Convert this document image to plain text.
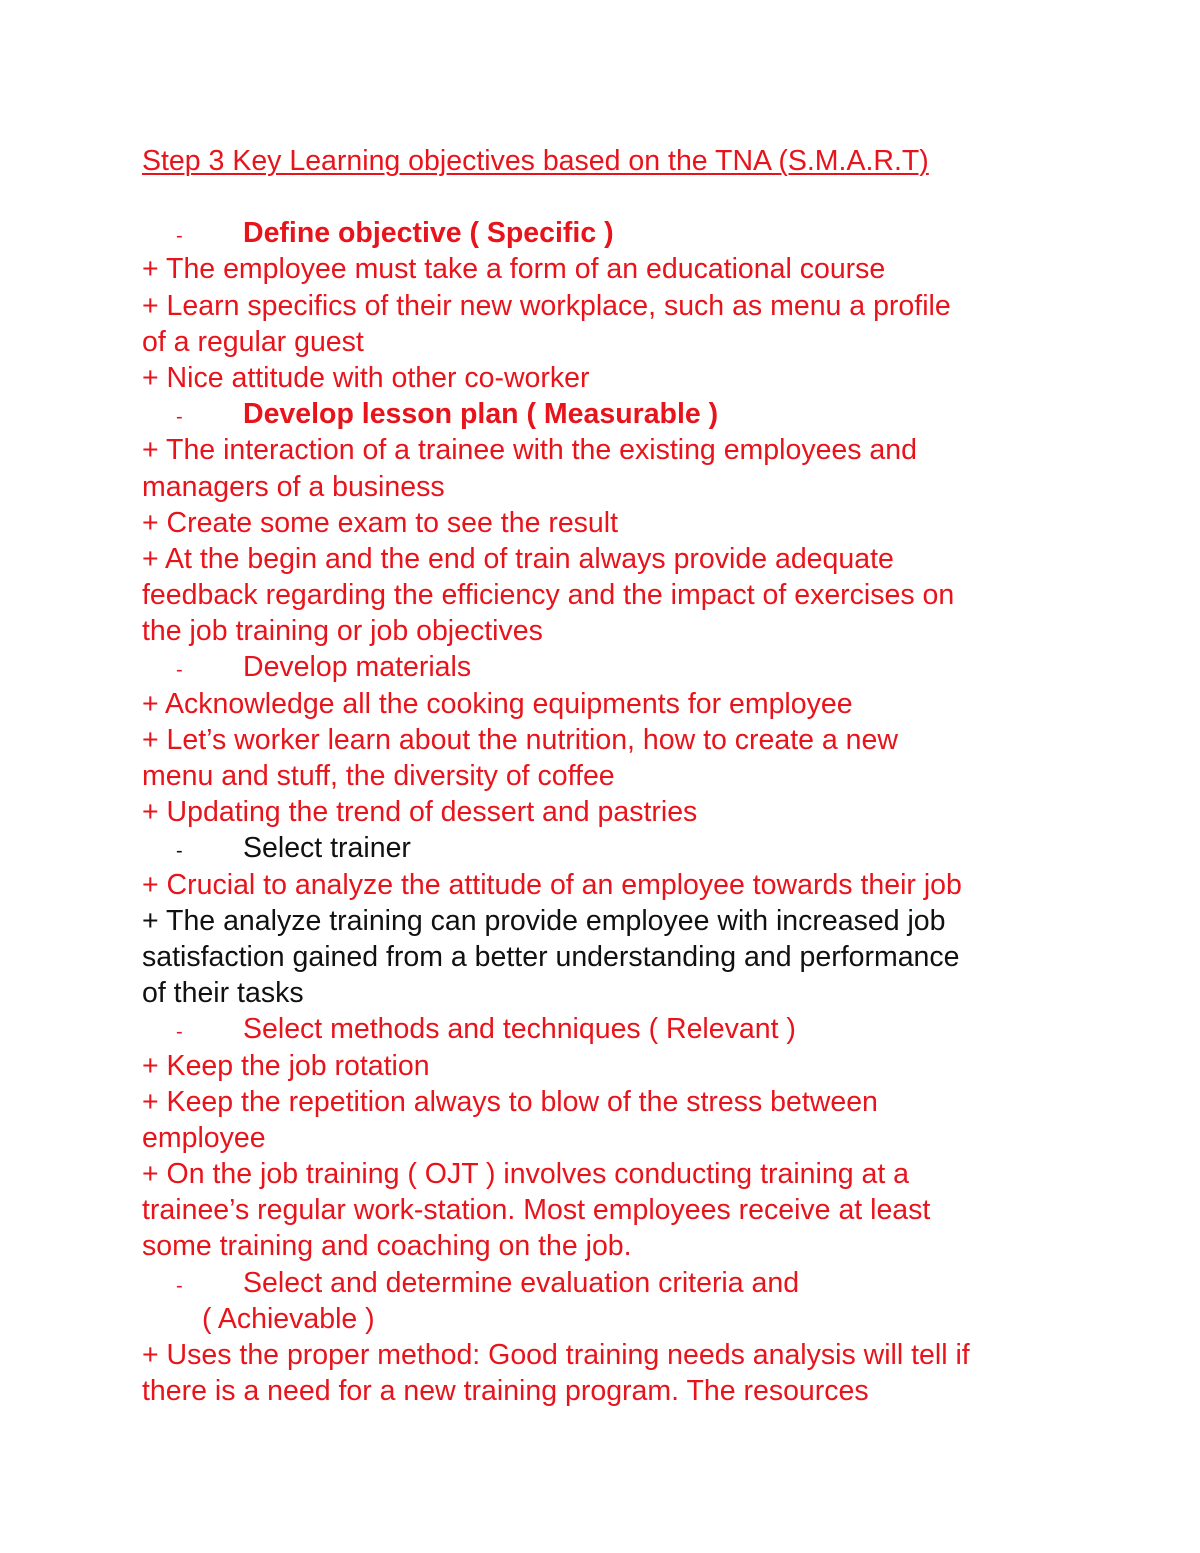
Step 3 Key Learning objectives based on the TNA (S.M.A.R.T)
-	Define objective ( Specific )
+ The employee must take a form of an educational course
+ Learn specifics of their new workplace, such as menu a profile
of a regular guest
+ Nice attitude with other co-worker
-	Develop lesson plan ( Measurable )
+ The interaction of a trainee with the existing employees and
managers of a business
+ Create some exam to see the result
+ At the begin and the end of train always provide adequate
feedback regarding the efficiency and the impact of exercises on
the job training or job objectives
-	Develop materials
+ Acknowledge all the cooking equipments for employee
+ Let’s worker learn about the nutrition, how to create a new
menu and stuff, the diversity of coffee
+ Updating the trend of dessert and pastries
-	Select trainer
+ Crucial to analyze the attitude of an employee towards their job
+ The analyze training can provide employee with increased job
satisfaction gained from a better understanding and performance
of their tasks
-	Select methods and techniques ( Relevant )
+ Keep the job rotation
+ Keep the repetition always to blow of the stress between
employee
+ On the job training ( OJT ) involves conducting training at a
trainee’s regular work-station. Most employees receive at least
some training and coaching on the job.
-	Select and determine evaluation criteria and
( Achievable )
+ Uses the proper method: Good training needs analysis will tell if
there is a need for a new training program. The resources
